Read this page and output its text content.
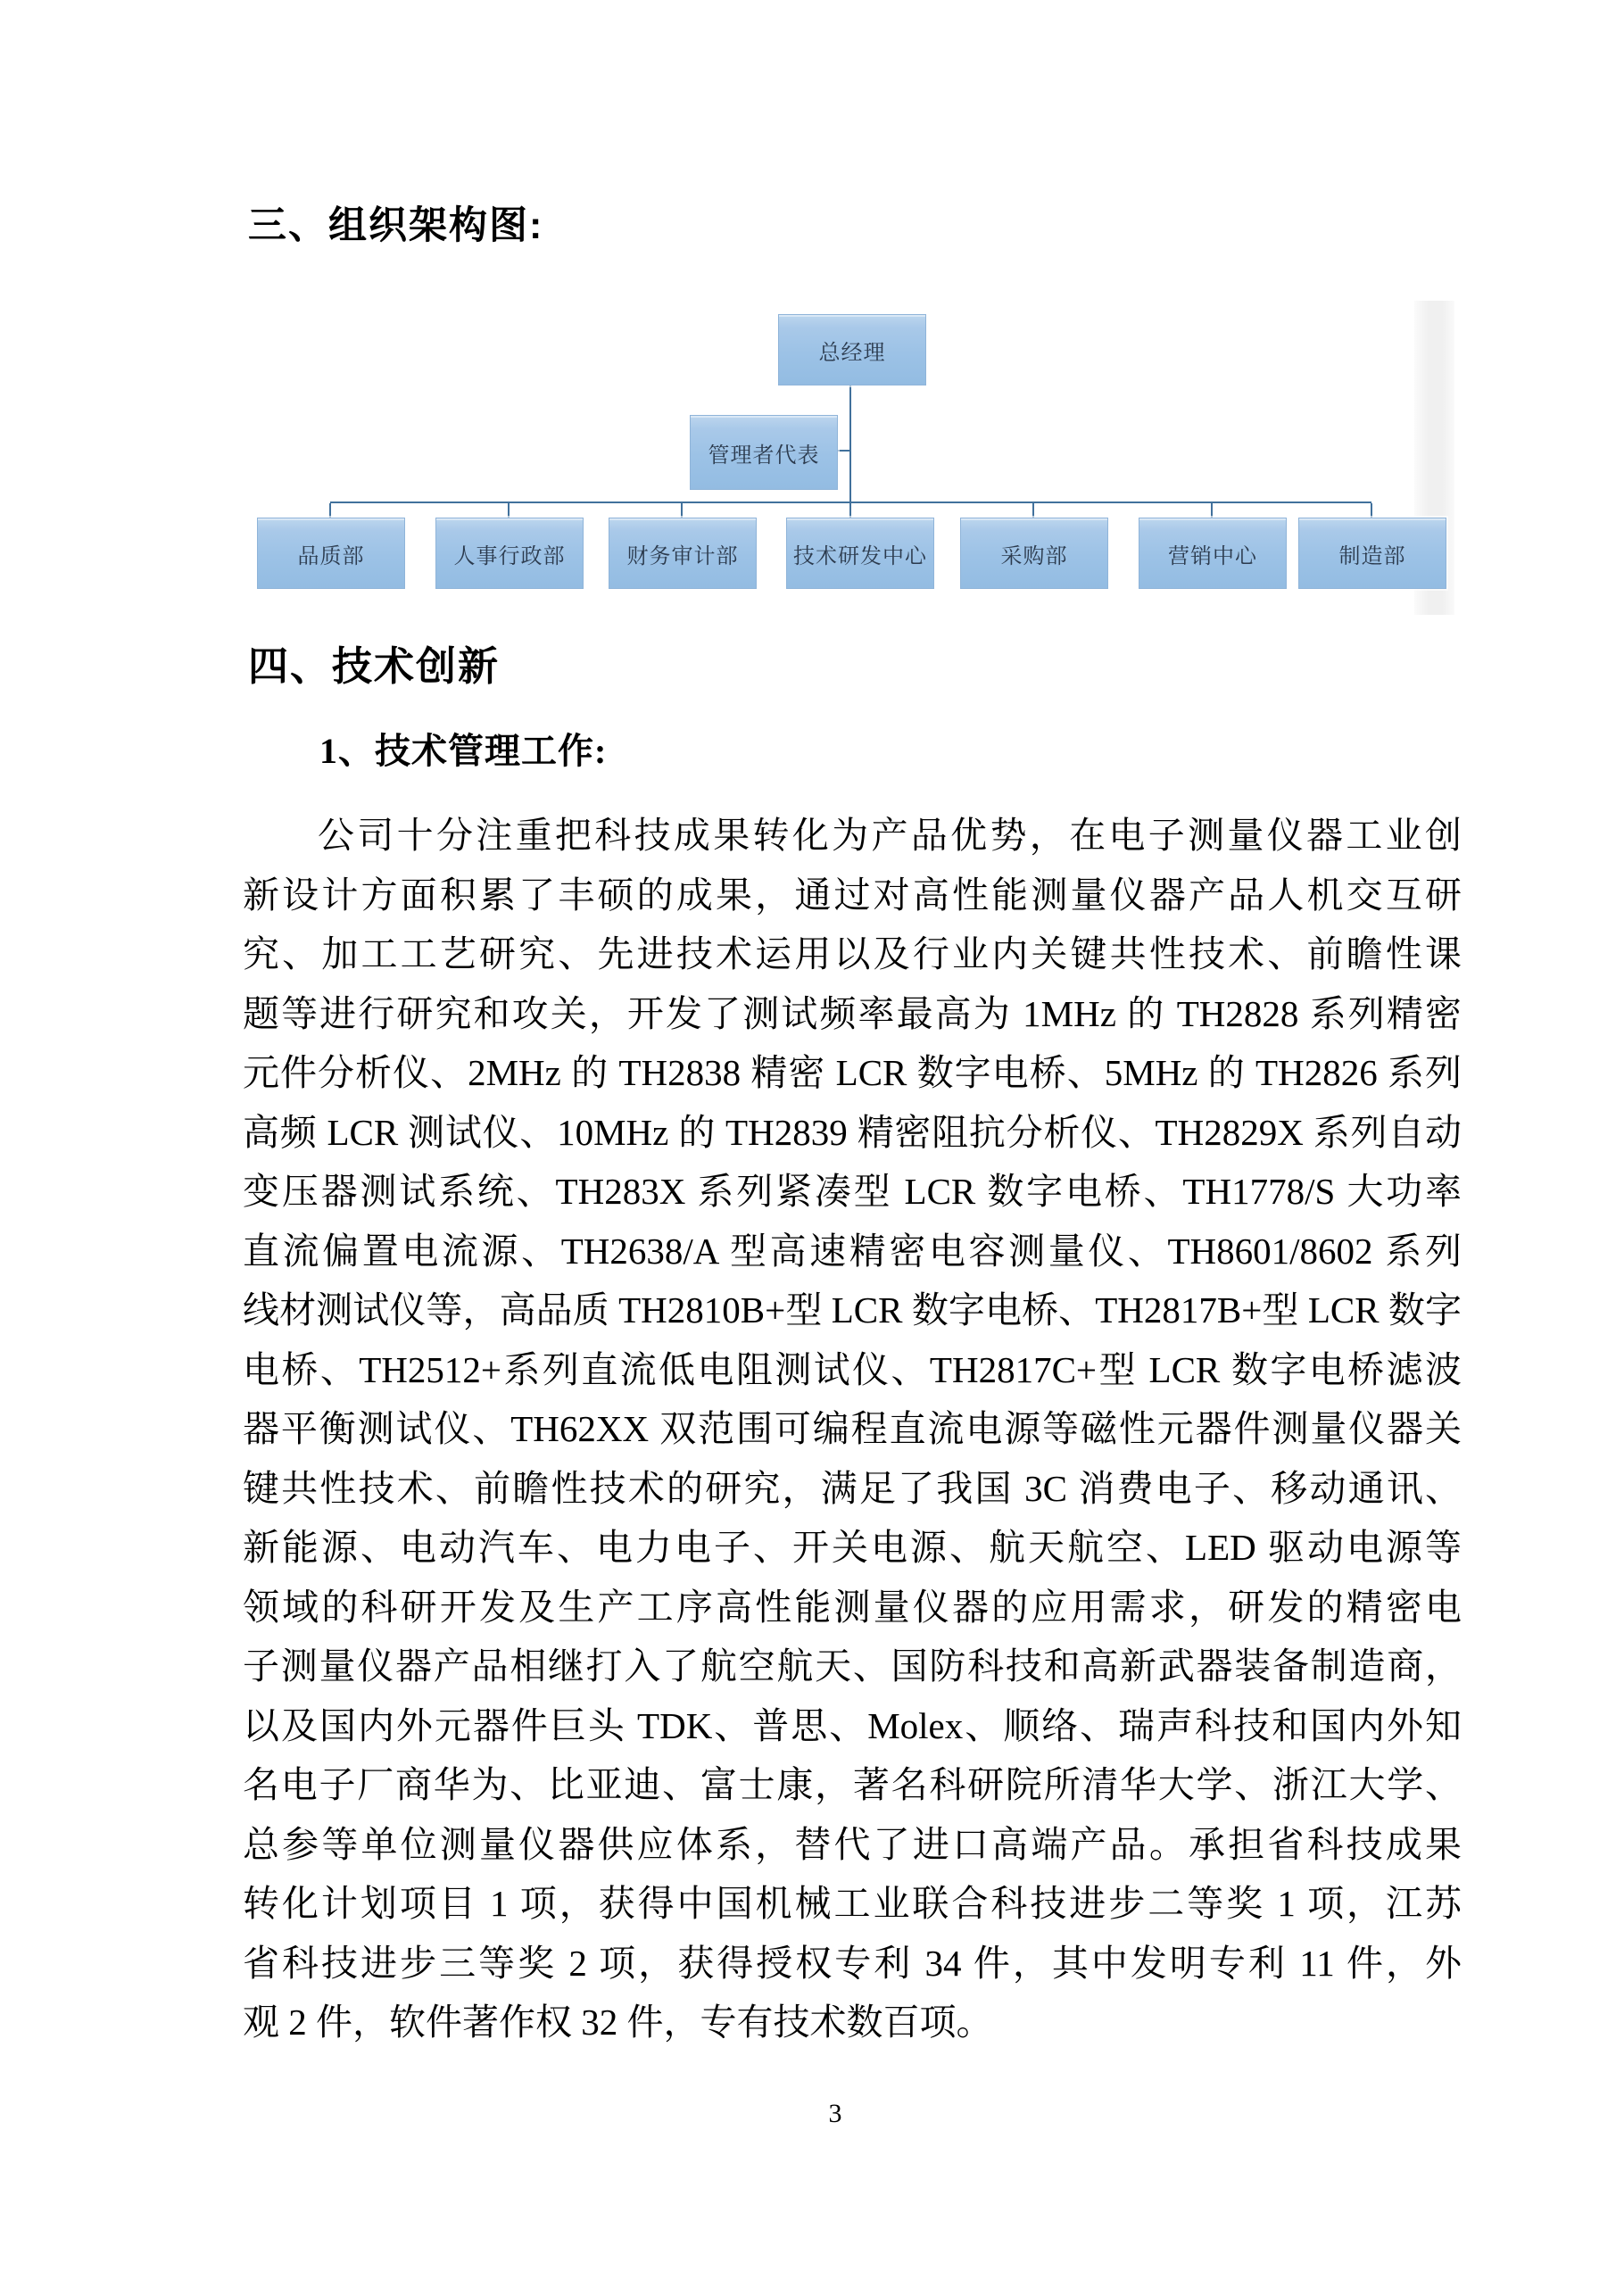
三、组织架构图:
总经理
管理者代表
品质部	人事行政部	财务审计部	技术研发中心	采购部	营销中心	制造部
四、技术创新
1、技术管理工作:
公司十分注重把科技成果转化为产品优势，在电子测量仪器工业创
新设计方面积累了丰硕的成果，通过对高性能测量仪器产品人机交互研
究、加工工艺研究、先进技术运用以及行业内关键共性技术、前瞻性课
题等进行研究和攻关，开发了测试频率最高为 1MHz 的 TH2828 系列精密
元件分析仪、2MHz 的 TH2838 精密 LCR 数字电桥、5MHz 的 TH2826 系列
高频 LCR 测试仪、10MHz 的 TH2839 精密阻抗分析仪、TH2829X 系列自动
变压器测试系统、TH283X 系列紧凑型 LCR 数字电桥、TH1778/S 大功率
直流偏置电流源、TH2638/A 型高速精密电容测量仪、TH8601/8602 系列
线材测试仪等，高品质 TH2810B+型 LCR 数字电桥、TH2817B+型 LCR 数字
电桥、TH2512+系列直流低电阻测试仪、TH2817C+型 LCR 数字电桥滤波
器平衡测试仪、TH62XX 双范围可编程直流电源等磁性元器件测量仪器关
键共性技术、前瞻性技术的研究，满足了我国 3C 消费电子、移动通讯、
新能源、电动汽车、电力电子、开关电源、航天航空、LED 驱动电源等
领域的科研开发及生产工序高性能测量仪器的应用需求，研发的精密电
子测量仪器产品相继打入了航空航天、国防科技和高新武器装备制造商，
以及国内外元器件巨头 TDK、普思、Molex、顺络、瑞声科技和国内外知
名电子厂商华为、比亚迪、富士康，著名科研院所清华大学、浙江大学、
总参等单位测量仪器供应体系，替代了进口高端产品。承担省科技成果
转化计划项目 1 项，获得中国机械工业联合科技进步二等奖 1 项，江苏
省科技进步三等奖 2 项，获得授权专利 34 件，其中发明专利 11 件，外
观 2 件，软件著作权 32 件，专有技术数百项。
3
